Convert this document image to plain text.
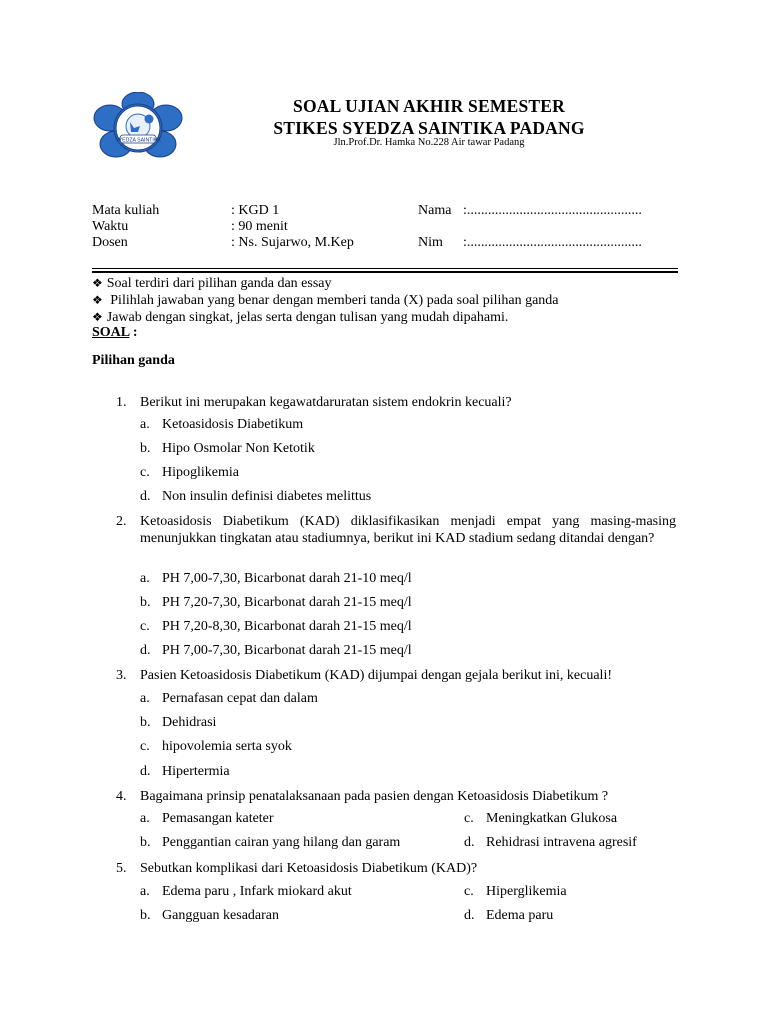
SYEDZA SAINTIKA
SOAL UJIAN AKHIR SEMESTER
STIKES SYEDZA SAINTIKA PADANG
Jln.Prof.Dr. Hamka No.228 Air tawar Padang
Mata kuliah	: KGD 1
Waktu	: 90 menit
Dosen	: Ns. Sujarwo, M.Kep
Nama :..................................................
Nim :..................................................
❖ Soal terdiri dari pilihan ganda dan essay
❖ Pilihlah jawaban yang benar dengan memberi tanda (X) pada soal pilihan ganda
❖ Jawab dengan singkat, jelas serta dengan tulisan yang mudah dipahami.
SOAL :
Pilihan ganda
1. Berikut ini merupakan kegawatdaruratan sistem endokrin kecuali?
a. Ketoasidosis Diabetikum
b. Hipo Osmolar Non Ketotik
c. Hipoglikemia
d. Non insulin definisi diabetes melittus
2. Ketoasidosis Diabetikum (KAD) diklasifikasikan menjadi empat yang masing-masing menunjukkan tingkatan atau stadiumnya, berikut ini KAD stadium sedang ditandai dengan?
a. PH 7,00-7,30, Bicarbonat darah 21-10 meq/l
b. PH 7,20-7,30, Bicarbonat darah 21-15 meq/l
c. PH 7,20-8,30, Bicarbonat darah 21-15 meq/l
d. PH 7,00-7,30, Bicarbonat darah 21-15 meq/l
3. Pasien Ketoasidosis Diabetikum (KAD) dijumpai dengan gejala berikut ini, kecuali!
a. Pernafasan cepat dan dalam
b. Dehidrasi
c. hipovolemia serta syok
d. Hipertermia
4. Bagaimana prinsip penatalaksanaan pada pasien dengan Ketoasidosis Diabetikum ?
a. Pemasangan kateter	c. Meningkatkan Glukosa
b. Penggantian cairan yang hilang dan garam	d. Rehidrasi intravena agresif
5. Sebutkan komplikasi dari Ketoasidosis Diabetikum (KAD)?
a. Edema paru , Infark miokard akut	c. Hiperglikemia
b. Gangguan kesadaran	d. Edema paru
